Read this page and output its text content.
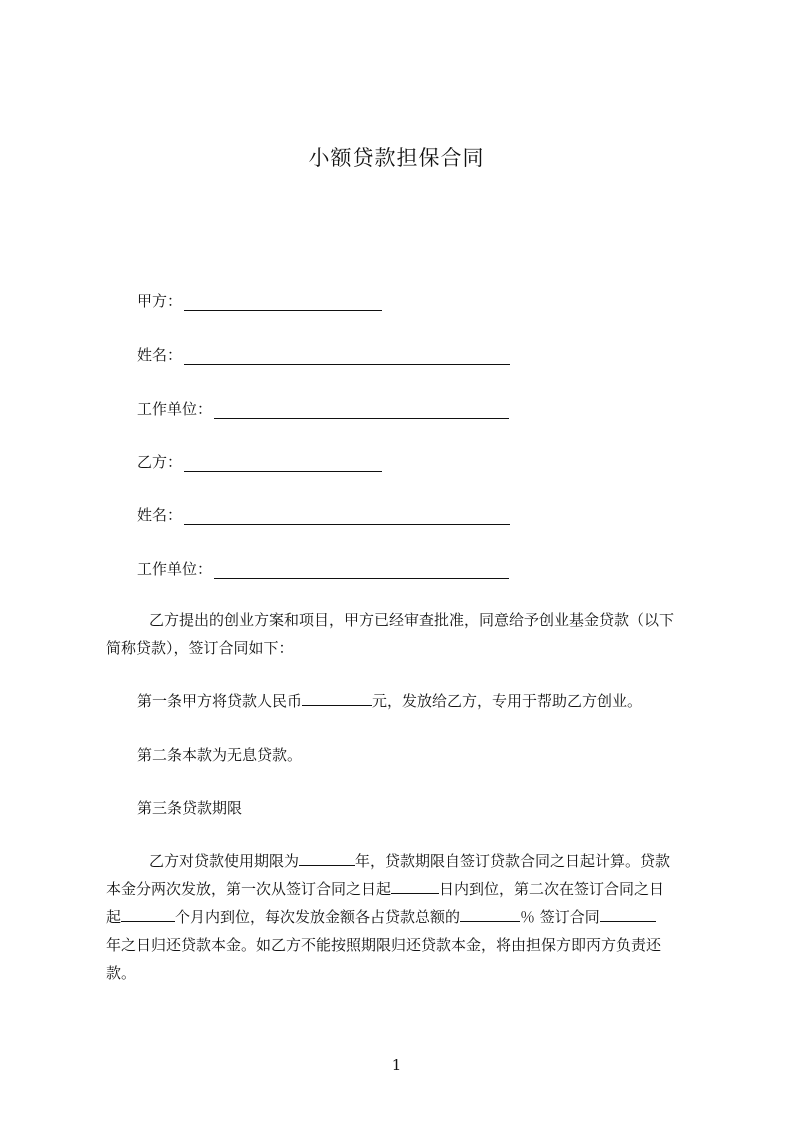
小额贷款担保合同
甲方：
姓名：
工作单位：
乙方：
姓名：
工作单位：
乙方提出的创业方案和项目，甲方已经审查批准，同意给予创业基金贷款（以下
简称贷款），签订合同如下：
第一条甲方将贷款人民币	元，发放给乙方，专用于帮助乙方创业。
第二条本款为无息贷款。
第三条贷款期限
乙方对贷款使用期限为	年，贷款期限自签订贷款合同之日起计算。贷款
本金分两次发放，第一次从签订合同之日起	日内到位，第二次在签订合同之日
起	个月内到位，每次发放金额各占贷款总额的	％ 签订合同
年之日归还贷款本金。如乙方不能按照期限归还贷款本金，将由担保方即丙方负责还
款。
1
